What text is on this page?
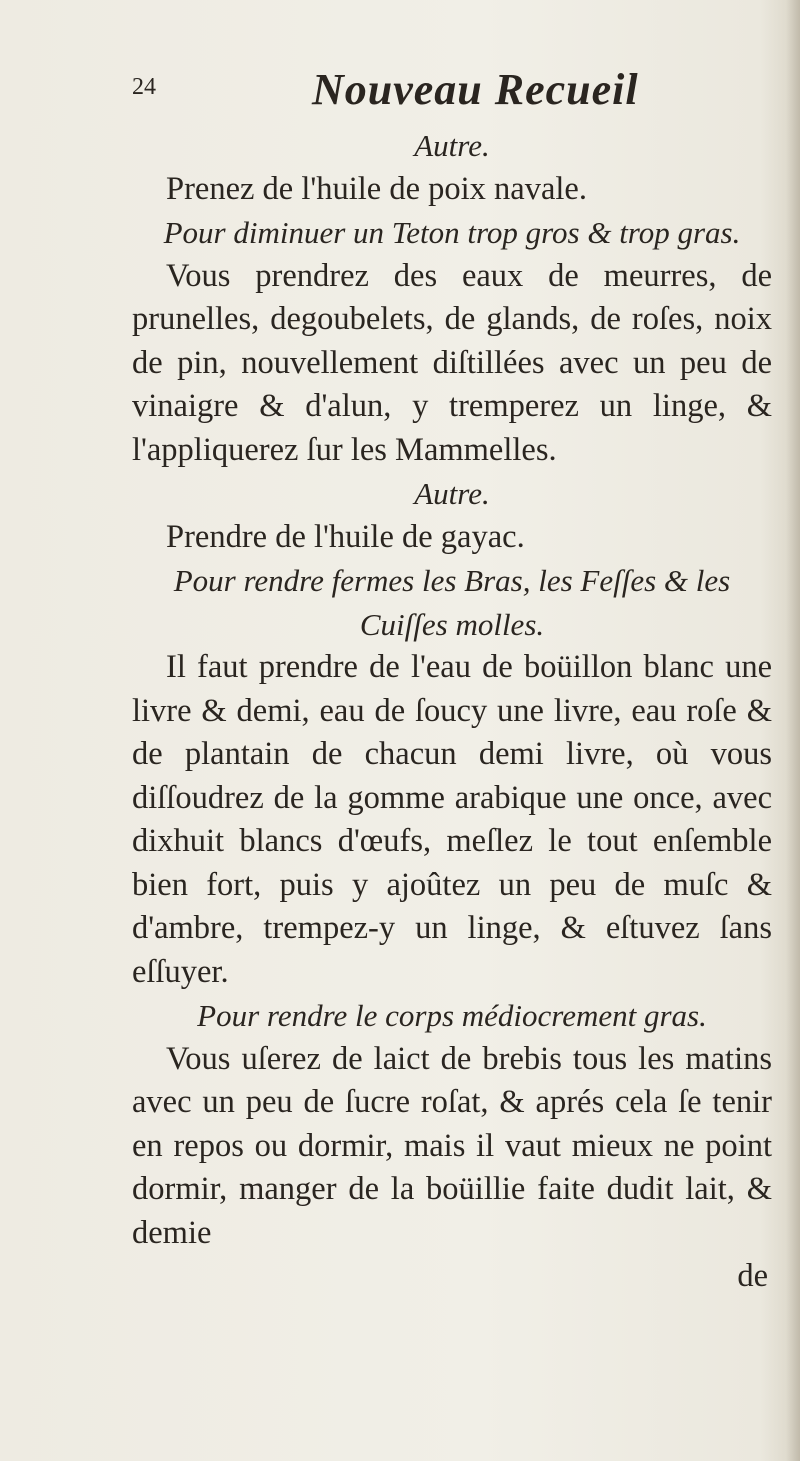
24	Nouveau Recueil
Autre.
Prenez de l'huile de poix navale.
Pour diminuer un Teton trop gros & trop gras.
Vous prendrez des eaux de meurres, de prunelles, degoubelets, de glands, de roſes, noix de pin, nouvellement diſtillées avec un peu de vinaigre & d'alun, y tremperez un linge, & l'appliquerez ſur les Mammelles.
Autre.
Prendre de l'huile de gayac.
Pour rendre fermes les Bras, les Feſſes & les Cuiſſes molles.
Il faut prendre de l'eau de boüillon blanc une livre & demi, eau de ſoucy une livre, eau roſe & de plantain de chacun demi livre, où vous diſſoudrez de la gomme arabique une once, avec dixhuit blancs d'œufs, meſlez le tout enſemble bien fort, puis y ajoûtez un peu de muſc & d'ambre, trempez-y un linge, & eſtuvez ſans eſſuyer.
Pour rendre le corps médiocrement gras.
Vous uſerez de laict de brebis tous les matins avec un peu de ſucre roſat, & aprés cela ſe tenir en repos ou dormir, mais il vaut mieux ne point dormir, manger de la boüillie faite dudit lait, & demie
de
